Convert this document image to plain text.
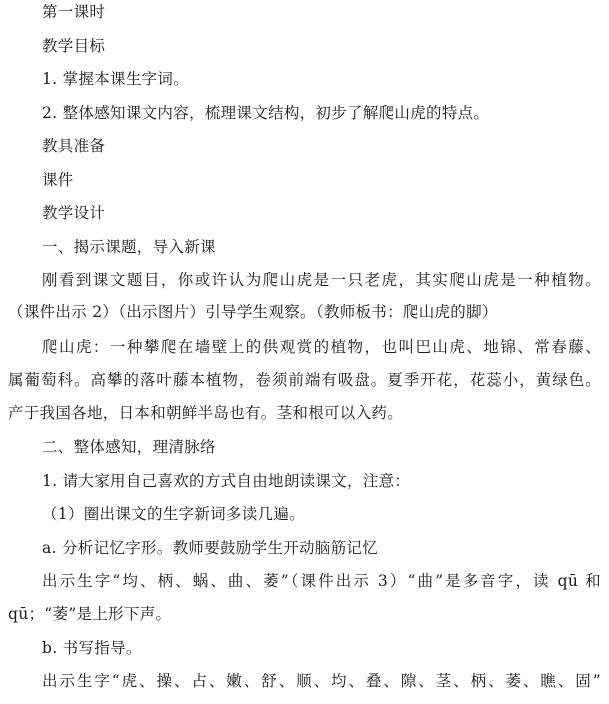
第一课时
教学目标
1. 掌握本课生字词。
2. 整体感知课文内容，梳理课文结构，初步了解爬山虎的特点。
教具准备
课件
教学设计
一、揭示课题，导入新课
刚看到课文题目，你或许认为爬山虎是一只老虎，其实爬山虎是一种植物。
（课件出示 2）（出示图片）引导学生观察。（教师板书：爬山虎的脚）
爬山虎：一种攀爬在墙壁上的供观赏的植物，也叫巴山虎、地锦、常春藤、
属葡萄科。高攀的落叶藤本植物，卷须前端有吸盘。夏季开花，花蕊小，黄绿色。
产于我国各地，日本和朝鲜半岛也有。茎和根可以入药。
二、整体感知，理清脉络
1. 请大家用自己喜欢的方式自由地朗读课文，注意：
（1）圈出课文的生字新词多读几遍。
a. 分析记忆字形。教师要鼓励学生开动脑筋记忆
出示生字“均、柄、蜗、曲、萎”（课件出示 3）“曲”是多音字，读 qū 和
qū；“萎”是上形下声。
b. 书写指导。
出示生字“虎、操、占、嫩、舒、顺、均、叠、隙、茎、柄、萎、瞧、固”
